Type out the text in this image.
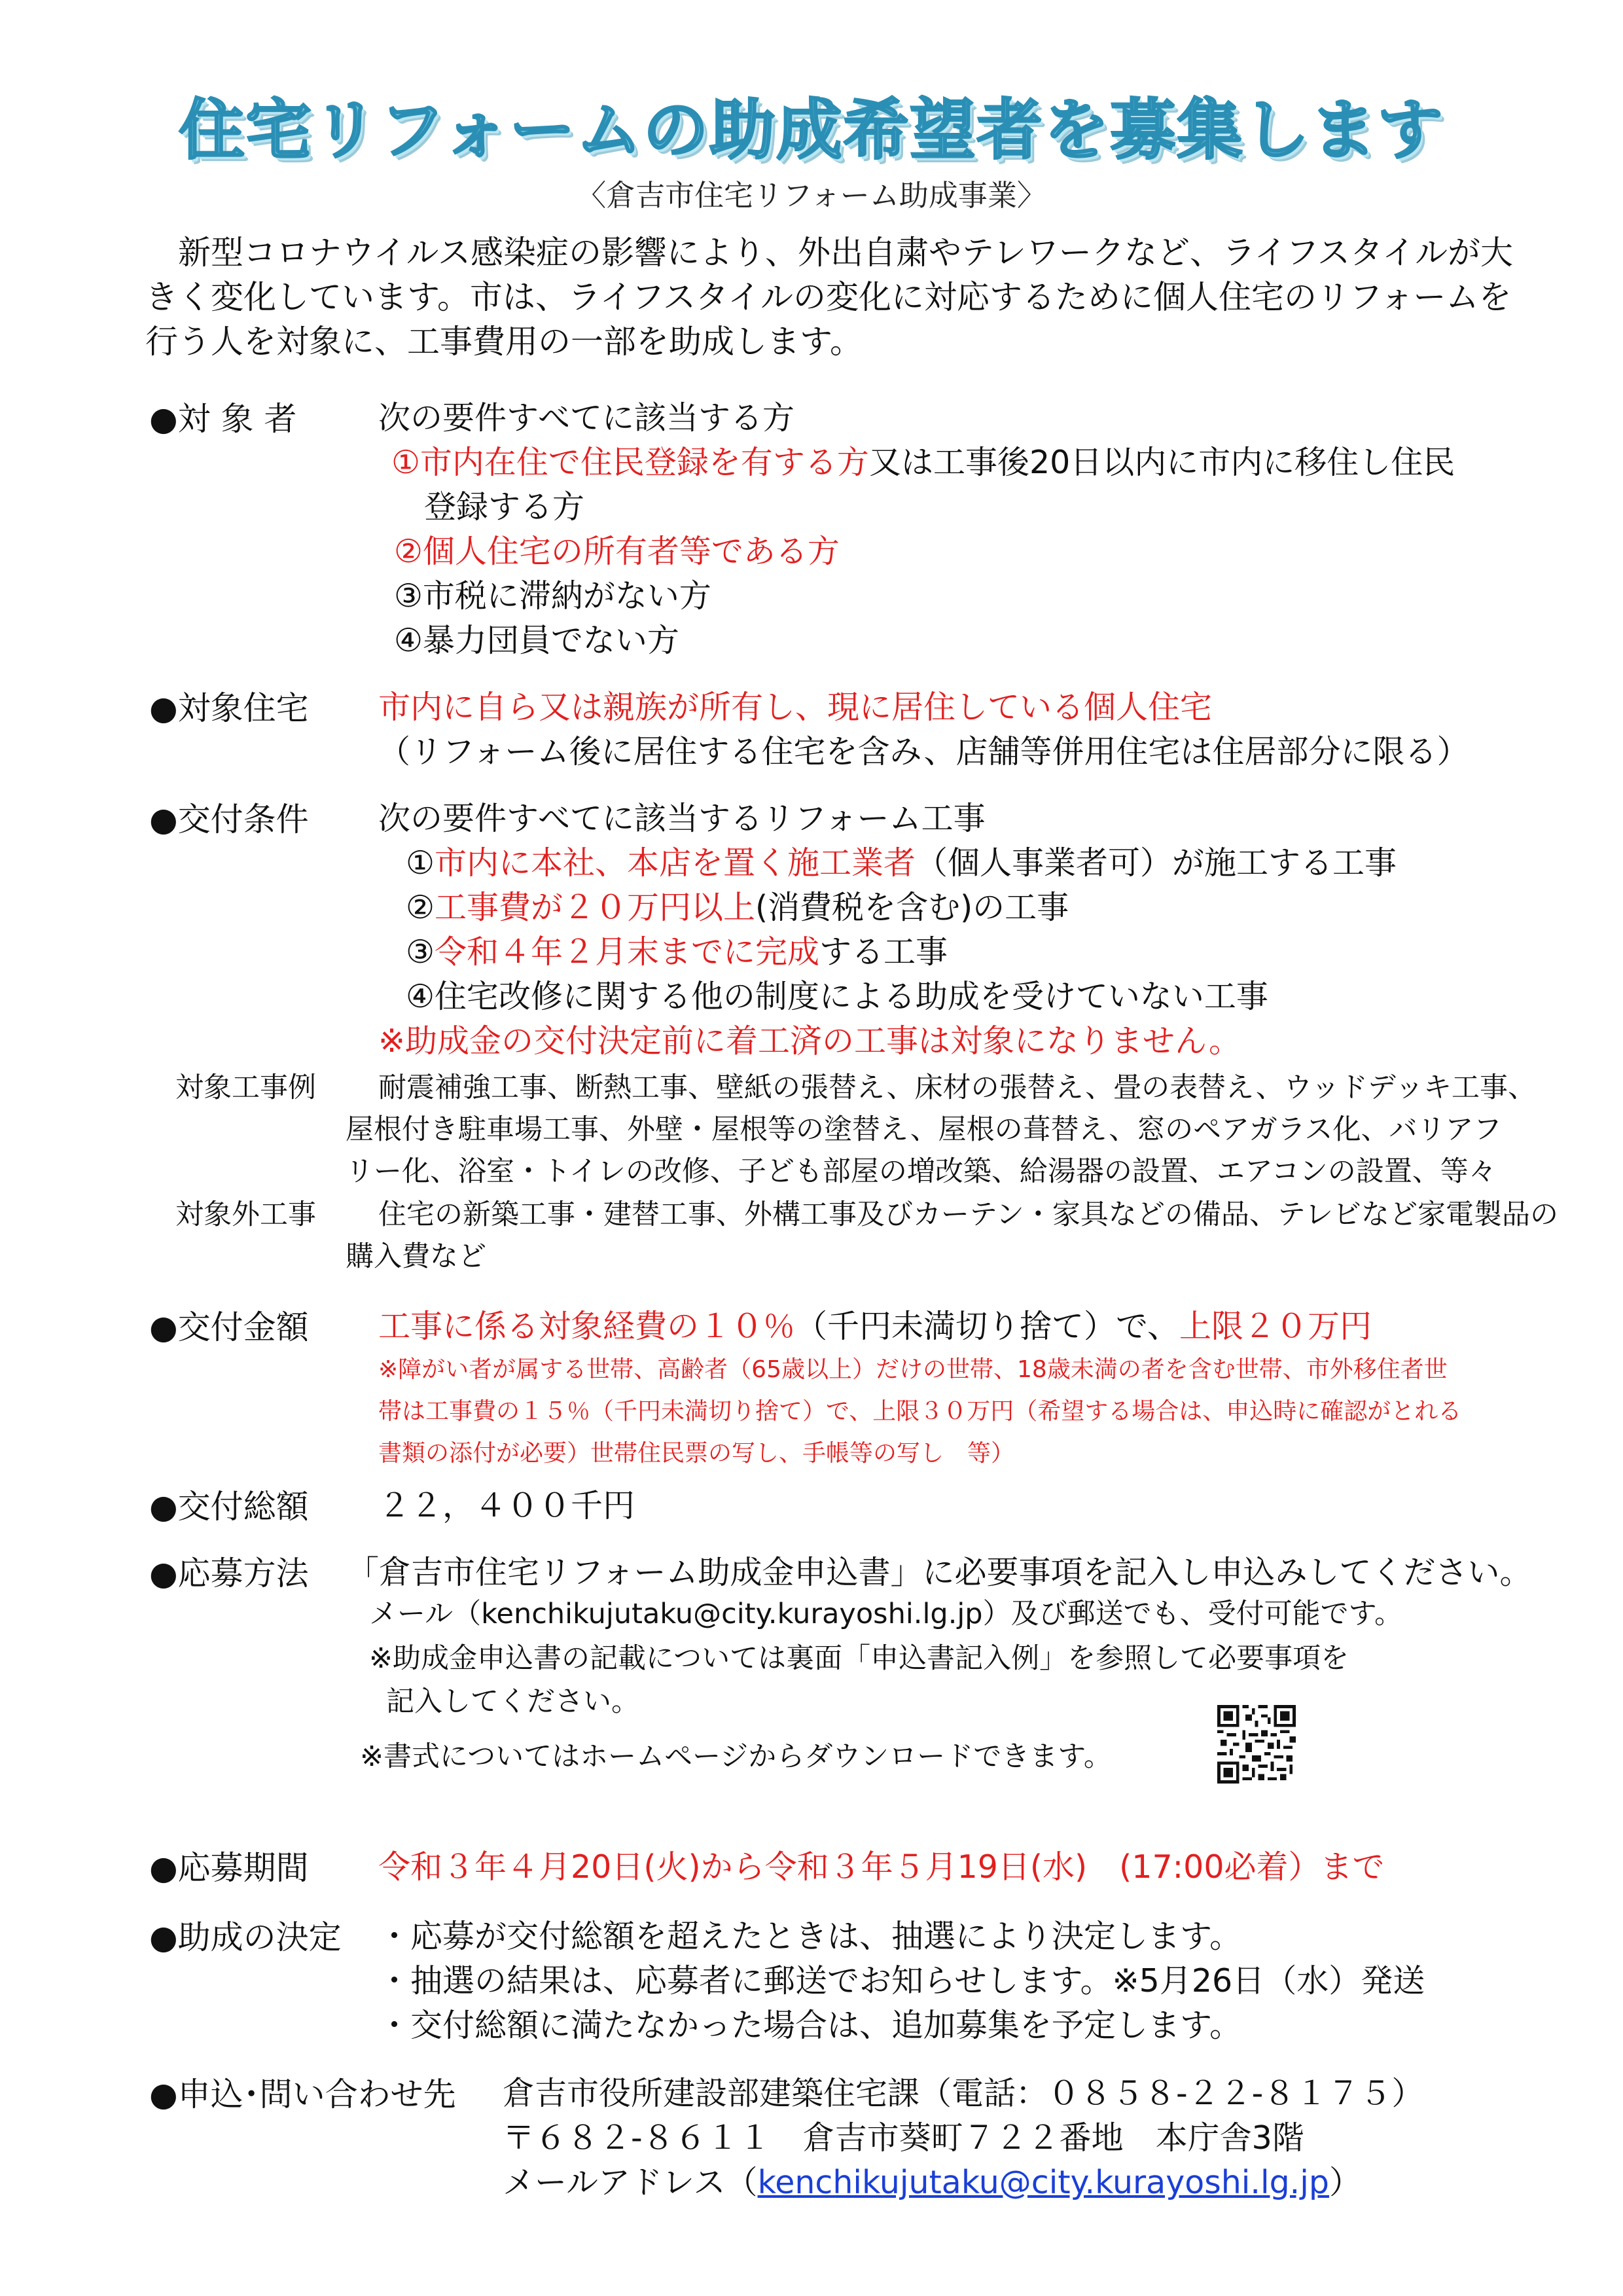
住宅リフォームの助成希望者を募集します
〈倉吉市住宅リフォーム助成事業〉
　新型コロナウイルス感染症の影響により、外出自粛やテレワークなど、ライフスタイルが大きく変化しています。市は、ライフスタイルの変化に対応するために個人住宅のリフォームを行う人を対象に、工事費用の一部を助成します。
●対 象 者	次の要件すべてに該当する方
①市内在住で住民登録を有する方又は工事後20日以内に市内に移住し住民
登録する方
②個人住宅の所有者等である方
③市税に滞納がない方
④暴力団員でない方
●対象住宅 市内に自ら又は親族が所有し、現に居住している個人住宅
（リフォーム後に居住する住宅を含み、店舗等併用住宅は住居部分に限る）
●交付条件 次の要件すべてに該当するリフォーム工事
①市内に本社、本店を置く施工業者（個人事業者可）が施工する工事
②工事費が２０万円以上(消費税を含む)の工事
③令和４年２月末までに完成する工事
④住宅改修に関する他の制度による助成を受けていない工事
※助成金の交付決定前に着工済の工事は対象になりません。
対象工事例 耐震補強工事、断熱工事、壁紙の張替え、床材の張替え、畳の表替え、ウッドデッキ工事、
屋根付き駐車場工事、外壁・屋根等の塗替え、屋根の葺替え、窓のペアガラス化、バリアフ
リー化、浴室・トイレの改修、子ども部屋の増改築、給湯器の設置、エアコンの設置、等々
対象外工事 住宅の新築工事・建替工事、外構工事及びカーテン・家具などの備品、テレビなど家電製品の
購入費など
●交付金額 工事に係る対象経費の１０％（千円未満切り捨て）で、上限２０万円
※障がい者が属する世帯、高齢者（65歳以上）だけの世帯、18歳未満の者を含む世帯、市外移住者世
帯は工事費の１５％（千円未満切り捨て）で、上限３０万円（希望する場合は、申込時に確認がとれる
書類の添付が必要）世帯住民票の写し、手帳等の写し　等）
●交付総額 ２２，４００千円
●応募方法 「倉吉市住宅リフォーム助成金申込書」に必要事項を記入し申込みしてください。
メール（kenchikujutaku@city.kurayoshi.lg.jp）及び郵送でも、受付可能です。
※助成金申込書の記載については裏面「申込書記入例」を参照して必要事項を
記入してください。
※書式についてはホームページからダウンロードできます。
●応募期間 令和３年４月20日(火)から令和３年５月19日(水)　(17:00必着）まで
●助成の決定 ・応募が交付総額を超えたときは、抽選により決定します。
・抽選の結果は、応募者に郵送でお知らせします。※5月26日（水）発送
・交付総額に満たなかった場合は、追加募集を予定します。
●申込･問い合わせ先 倉吉市役所建設部建築住宅課（電話：０８５８-２２-８１７５）
〒６８２-８６１１　倉吉市葵町７２２番地　本庁舎3階
メールアドレス（kenchikujutaku@city.kurayoshi.lg.jp）
